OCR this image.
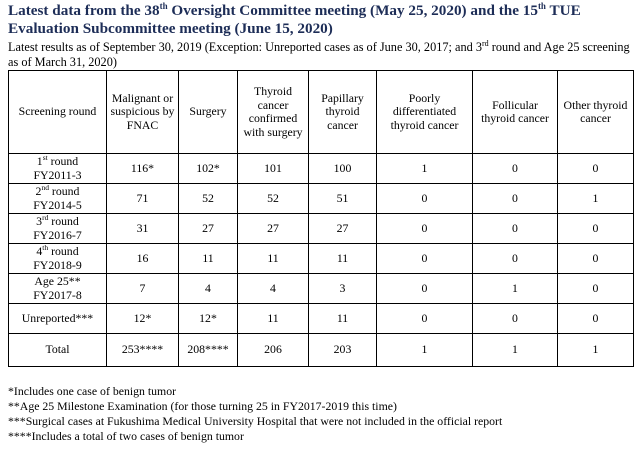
Latest data from the 38th Oversight Committee meeting (May 25, 2020) and the 15th TUE Evaluation Subcommittee meeting (June 15, 2020)
Latest results as of September 30, 2019 (Exception: Unreported cases as of June 30, 2017; and 3rd round and Age 25 screening as of March 31, 2020)
Screening round	Malignant or suspicious by FNAC	Surgery	Thyroid cancer confirmed with surgery	Papillary thyroid cancer	Poorly differentiated thyroid cancer	Follicular thyroid cancer	Other thyroid cancer
1st round
FY2011-3	116*	102*	101	100	1	0	0
2nd round
FY2014-5	71	52	52	51	0	0	1
3rd round
FY2016-7	31	27	27	27	0	0	0
4th round
FY2018-9	16	11	11	11	0	0	0
Age 25**
FY2017-8	7	4	4	3	0	1	0
Unreported***	12*	12*	11	11	0	0	0
Total	253****	208****	206	203	1	1	1
*Includes one case of benign tumor
**Age 25 Milestone Examination (for those turning 25 in FY2017-2019 this time)
***Surgical cases at Fukushima Medical University Hospital that were not included in the official report
****Includes a total of two cases of benign tumor
